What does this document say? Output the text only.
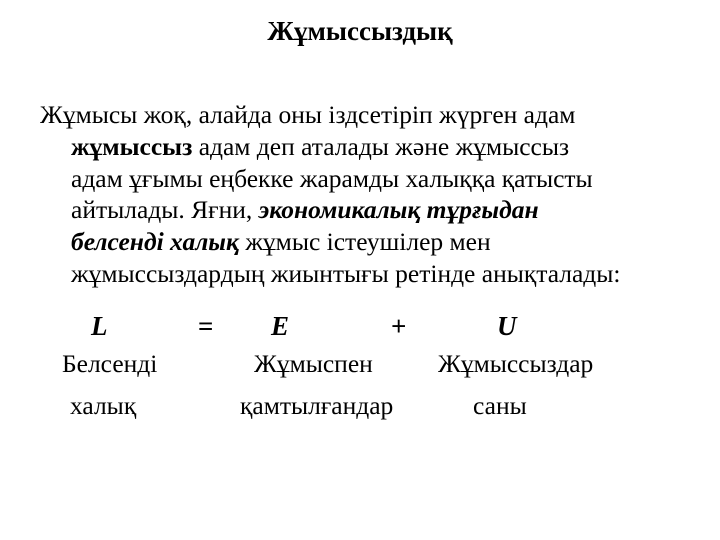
Жұмыссыздық
Жұмысы жоқ, алайда оны іздсетіріп жүрген адам
жұмыссыз адам деп аталады және жұмыссыз
адам ұғымы еңбекке жарамды халыққа қатысты
айтылады. Яғни, экономикалық тұрғыдан
белсенді халық жұмыс істеушілер мен
жұмыссыздардың жиынтығы ретінде анықталады:
L	= E	+	U
Белсенді
халық
Жұмыспен
қамтылғандар
Жұмыссыздар
саны
